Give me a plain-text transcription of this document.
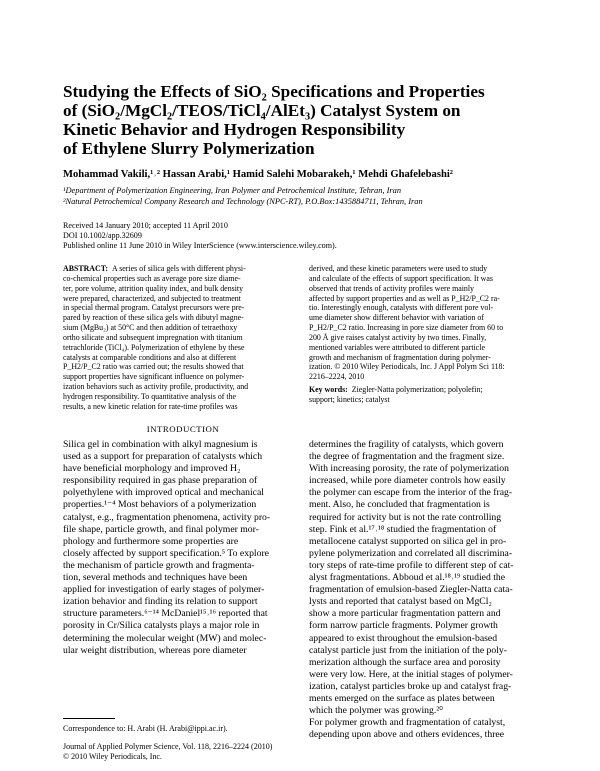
Studying the Effects of SiO₂ Specifications and Properties

of (SiO₂/MgCl₂/TEOS/TiCl₄/AlEt₃) Catalyst System on

Kinetic Behavior and Hydrogen Responsibility

of Ethylene Slurry Polymerization

Mohammad Vakili,¹˒² Hassan Arabi,¹ Hamid Salehi Mobarakeh,¹ Mehdi Ghafelebashi²
¹Department of Polymerization Engineering, Iran Polymer and Petrochemical Institute, Tehran, Iran
²Natural Petrochemical Company Research and Technology (NPC-RT), P.O.Box:1435884711, Tehran, Iran
Received 14 January 2010; accepted 11 April 2010
DOI 10.1002/app.32609
Published online 11 June 2010 in Wiley InterScience (www.interscience.wiley.com).

ABSTRACT: A series of silica gels with different physi-

co-chemical properties such as average pore size diame-

ter, pore volume, attrition quality index, and bulk density

were prepared, characterized, and subjected to treatment

in special thermal program. Catalyst precursors were pre-

pared by reaction of these silica gels with dibutyl magne-

sium (MgBu₂) at 50°C and then addition of tetraethoxy

ortho silicate and subsequent impregnation with titanium

tetrachloride (TiCl₄). Polymerization of ethylene by these

catalysts at comparable conditions and also at different

P_H2/P_C2 ratio was carried out; the results showed that

support properties have significant influence on polymer-

ization behaviors such as activity profile, productivity, and

hydrogen responsibility. To quantitative analysis of the

results, a new kinetic relation for rate-time profiles was

derived, and these kinetic parameters were used to study

and calculate of the effects of support specification. It was

observed that trends of activity profiles were mainly

affected by support properties and as well as P_H2/P_C2 ra-

tio. Interestingly enough, catalysts with different pore vol-

ume diameter show different behavior with variation of

P_H2/P_C2 ratio. Increasing in pore size diameter from 60 to

200 Å give raises catalyst activity by two times. Finally,

mentioned variables were attributed to different particle

growth and mechanism of fragmentation during polymer-

ization. © 2010 Wiley Periodicals, Inc. J Appl Polym Sci 118:

2216–2224, 2010

Key words: Ziegler-Natta polymerization; polyolefin;

support; kinetics; catalyst

INTRODUCTION

Silica gel in combination with alkyl magnesium is

used as a support for preparation of catalysts which

have beneficial morphology and improved H₂

responsibility required in gas phase preparation of

polyethylene with improved optical and mechanical

properties.¹⁻⁴ Most behaviors of a polymerization

catalyst, e.g., fragmentation phenomena, activity pro-

file shape, particle growth, and final polymer mor-

phology and furthermore some properties are

closely affected by support specification.⁵ To explore

the mechanism of particle growth and fragmenta-

tion, several methods and techniques have been

applied for investigation of early stages of polymer-

ization behavior and finding its relation to support

structure parameters.⁶⁻¹⁴ McDaniel¹⁵˒¹⁶ reported that

porosity in Cr/Silica catalysts plays a major role in

determining the molecular weight (MW) and molec-

ular weight distribution, whereas pore diameter

determines the fragility of catalysts, which govern

the degree of fragmentation and the fragment size.

With increasing porosity, the rate of polymerization

increased, while pore diameter controls how easily

the polymer can escape from the interior of the frag-

ment. Also, he concluded that fragmentation is

required for activity but is not the rate controlling

step. Fink et al.¹⁷˒¹⁸ studied the fragmentation of

metallocene catalyst supported on silica gel in pro-

pylene polymerization and correlated all discrimina-

tory steps of rate-time profile to different step of cat-

alyst fragmentations. Abboud et al.¹⁸˒¹⁹ studied the

fragmentation of emulsion-based Ziegler-Natta cata-

lysts and reported that catalyst based on MgCl₂

show a more particular fragmentation pattern and

form narrow particle fragments. Polymer growth

appeared to exist throughout the emulsion-based

catalyst particle just from the initiation of the poly-

merization although the surface area and porosity

were very low. Here, at the initial stages of polymer-

ization, catalyst particles broke up and catalyst frag-

ments emerged on the surface as plates between

which the polymer was growing.²⁰

For polymer growth and fragmentation of catalyst,

depending upon above and others evidences, three

Correspondence to: H. Arabi (H. Arabi@ippi.ac.ir).
Journal of Applied Polymer Science, Vol. 118, 2216–2224 (2010)
© 2010 Wiley Periodicals, Inc.
